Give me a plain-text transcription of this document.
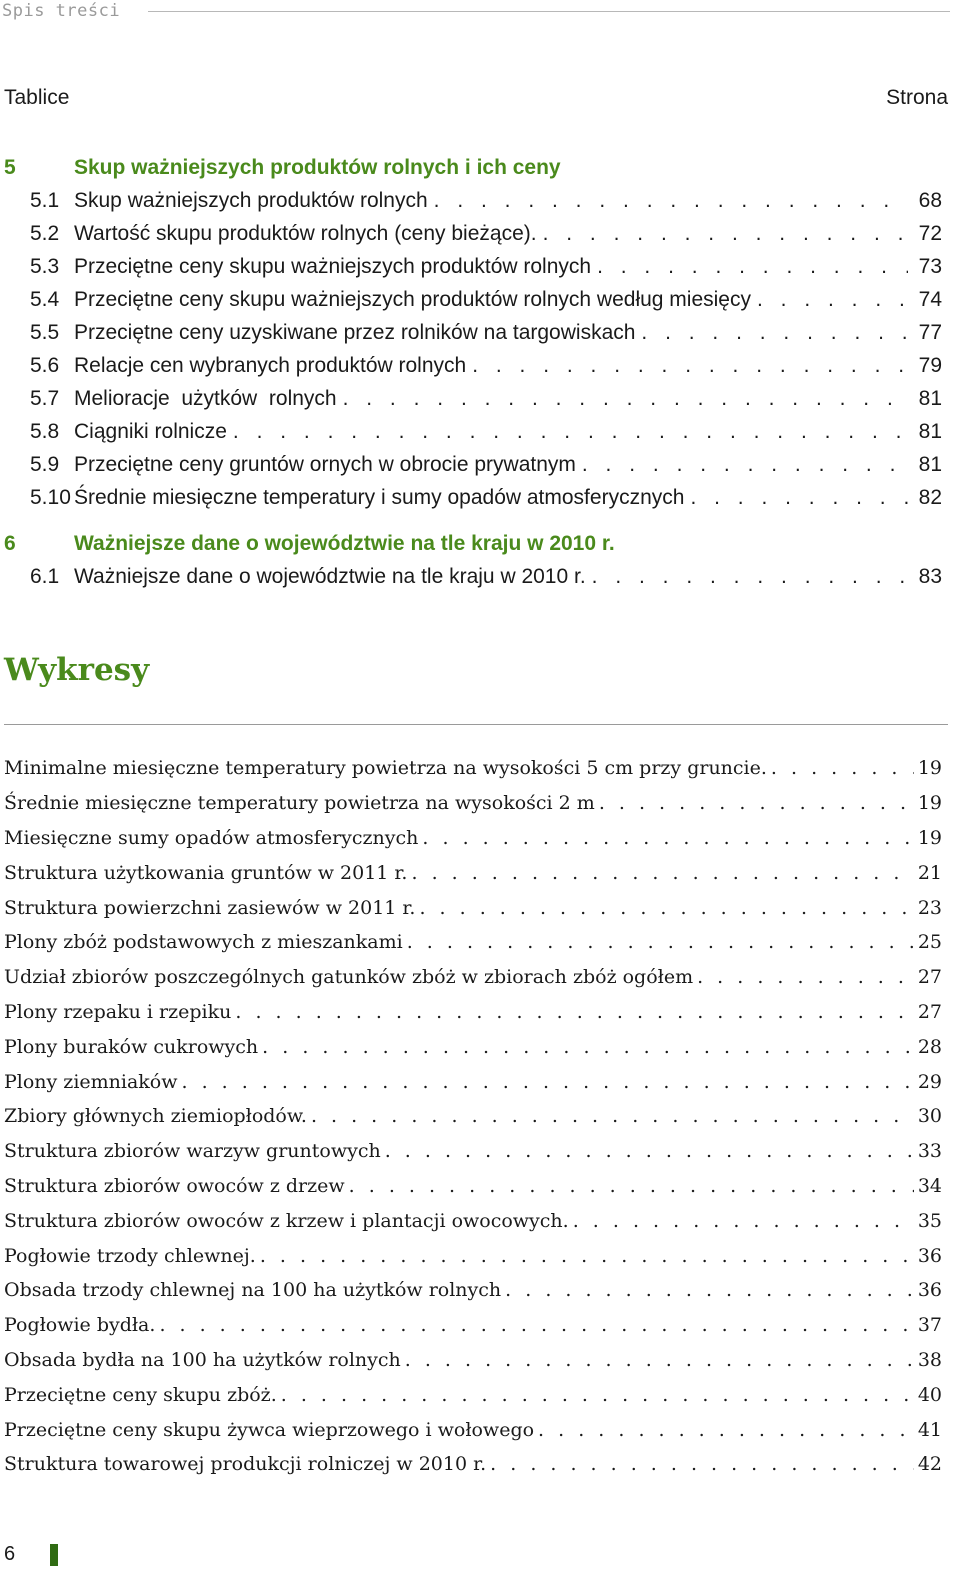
Spis treści
Tablice	Strona
5	Skup ważniejszych produktów rolnych i ich ceny
5.1 Skup ważniejszych produktów rolnych . . .	68
5.2 Wartość skupu produktów rolnych (ceny bieżące). . . .	72
5.3 Przeciętne ceny skupu ważniejszych produktów rolnych . . .	73
5.4 Przeciętne ceny skupu ważniejszych produktów rolnych według miesięcy . . .	74
5.5 Przeciętne ceny uzyskiwane przez rolników na targowiskach . . .	77
5.6 Relacje cen wybranych produktów rolnych . . .	79
5.7 Melioracje  użytków  rolnych . . .	81
5.8 Ciągniki rolnicze . . .	81
5.9 Przeciętne ceny gruntów ornych w obrocie prywatnym . . .	81
5.10 Średnie miesięczne temperatury i sumy opadów atmosferycznych . . .	82
6	Ważniejsze dane o województwie na tle kraju w 2010 r.
6.1 Ważniejsze dane o województwie na tle kraju w 2010 r. . . .	83
Wykresy
Minimalne miesięczne temperatury powietrza na wysokości 5 cm przy gruncie. . . .	19
Średnie miesięczne temperatury powietrza na wysokości 2 m . . .	19
Miesięczne sumy opadów atmosferycznych . . .	19
Struktura użytkowania gruntów w 2011 r. . . .	21
Struktura powierzchni zasiewów w 2011 r. . . .	23
Plony zbóż podstawowych z mieszankami . . .	25
Udział zbiorów poszczególnych gatunków zbóż w zbiorach zbóż ogółem . . .	27
Plony rzepaku i rzepiku . . .	27
Plony buraków cukrowych . . .	28
Plony ziemniaków . . .	29
Zbiory głównych ziemiopłodów. . . .	30
Struktura zbiorów warzyw gruntowych . . .	33
Struktura zbiorów owoców z drzew . . .	34
Struktura zbiorów owoców z krzew i plantacji owocowych. . . .	35
Pogłowie trzody chlewnej. . . .	36
Obsada trzody chlewnej na 100 ha użytków rolnych . . .	36
Pogłowie bydła. . . .	37
Obsada bydła na 100 ha użytków rolnych . . .	38
Przeciętne ceny skupu zbóż. . . .	40
Przeciętne ceny skupu żywca wieprzowego i wołowego . . .	41
Struktura towarowej produkcji rolniczej w 2010 r. . . .	42
6
